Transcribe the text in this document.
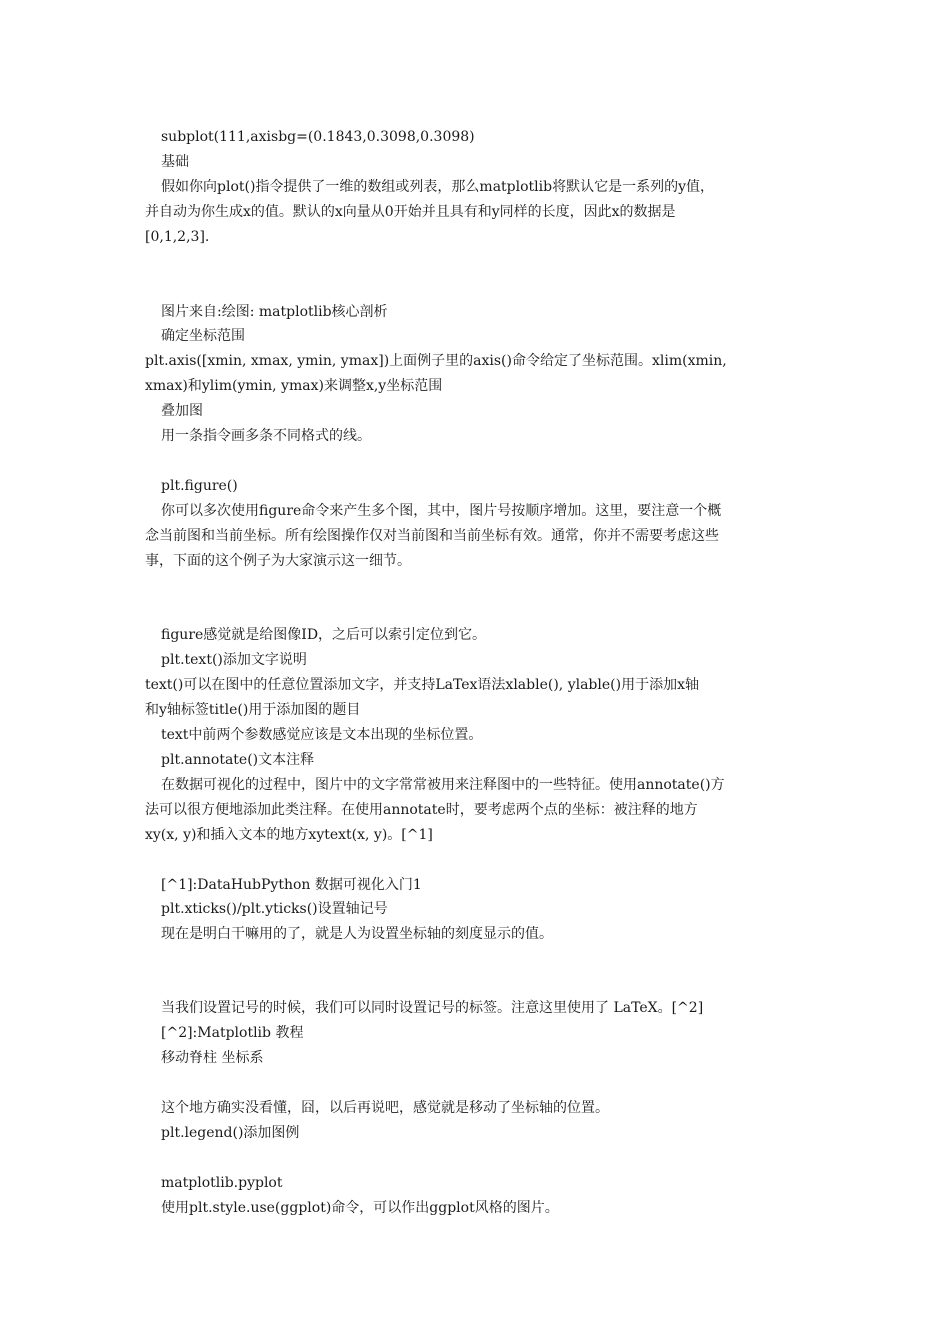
subplot(111,axisbg=(0.1843,0.3098,0.3098)
基础
假如你向plot()指令提供了一维的数组或列表，那么matplotlib将默认它是一系列的y值，
并自动为你生成x的值。默认的x向量从0开始并且具有和y同样的长度，因此x的数据是
[0,1,2,3].
图片来自:绘图: matplotlib核心剖析
确定坐标范围
plt.axis([xmin, xmax, ymin, ymax])上面例子里的axis()命令给定了坐标范围。xlim(xmin,
xmax)和ylim(ymin, ymax)来调整x,y坐标范围
叠加图
用一条指令画多条不同格式的线。
plt.figure()
你可以多次使用figure命令来产生多个图，其中，图片号按顺序增加。这里，要注意一个概
念当前图和当前坐标。所有绘图操作仅对当前图和当前坐标有效。通常，你并不需要考虑这些
事，下面的这个例子为大家演示这一细节。
figure感觉就是给图像ID，之后可以索引定位到它。
plt.text()添加文字说明
text()可以在图中的任意位置添加文字，并支持LaTex语法xlable(), ylable()用于添加x轴
和y轴标签title()用于添加图的题目
text中前两个参数感觉应该是文本出现的坐标位置。
plt.annotate()文本注释
在数据可视化的过程中，图片中的文字常常被用来注释图中的一些特征。使用annotate()方
法可以很方便地添加此类注释。在使用annotate时，要考虑两个点的坐标：被注释的地方
xy(x, y)和插入文本的地方xytext(x, y)。[^1]
[^1]:DataHubPython 数据可视化入门1
plt.xticks()/plt.yticks()设置轴记号
现在是明白干嘛用的了，就是人为设置坐标轴的刻度显示的值。
当我们设置记号的时候，我们可以同时设置记号的标签。注意这里使用了 LaTeX。[^2]
[^2]:Matplotlib 教程
移动脊柱 坐标系
这个地方确实没看懂，囧，以后再说吧，感觉就是移动了坐标轴的位置。
plt.legend()添加图例
matplotlib.pyplot
使用plt.style.use(ggplot)命令，可以作出ggplot风格的图片。
